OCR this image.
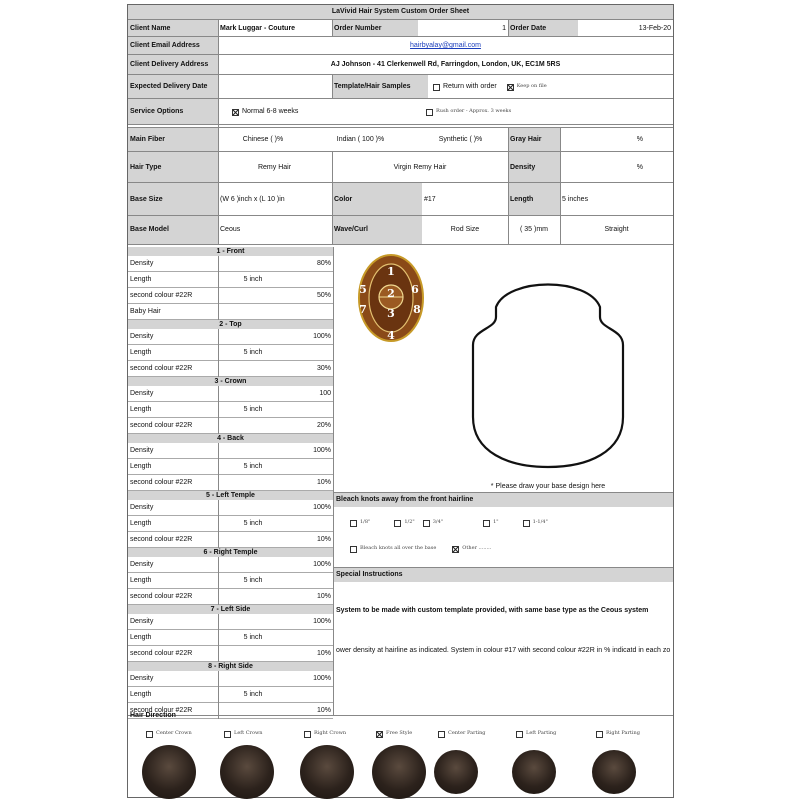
LaVivid Hair System Custom Order Sheet
Client Name	Mark Luggar - Couture	Order Number	1 Order Date	13-Feb-20
Client Email Address	hairbyalay@gmail.com
Client Delivery Address	AJ Johnson - 41 Clerkenwell Rd, Farringdon, London, UK, EC1M 5RS
Expected Delivery Date	Template/Hair Samples	Return with order	Keep on file
Service Options	Normal 6-8 weeks	Rush order - Approx. 3 weeks
Main Fiber	Chinese ( )%	Indian ( 100 )%	Synthetic ( )%	Gray Hair	%
Hair Type	Remy Hair	Virgin Remy Hair	Density	%
Base Size	(W 6 )inch x (L 10 )in	Color	#17	Length	5 inches
Base Model	Ceous	Wave/Curl	Rod Size	( 35 )mm	Straight
1 - Front
Density	80%
Length	5 inch
second colour #22R	50%
Baby Hair
2 - Top
Density	100%
Length	5 inch
second colour #22R	30%
3 - Crown
Density	100
Length	5 inch
second colour #22R	20%
4 - Back
Density	100%
Length	5 inch
second colour #22R	10%
5 - Left Temple
Density	100%
Length	5 inch
second colour #22R	10%
6 - Right Temple
Density	100%
Length	5 inch
second colour #22R	10%
7 - Left Side
Density	100%
Length	5 inch
second colour #22R	10%
8 - Right Side
Density	100%
Length	5 inch
second colour #22R	10%
1
2
3
4
5	6
7	8
* Please draw your base design here
Bleach knots away from the front hairline
1/8"	1/2"	3/4"	1"	1-1/4"
Bleach knots all over the base	Other ........
Special Instructions
System to be made with custom template provided, with same base type as the Ceous system
ower density at hairline as indicated. System in colour #17 with second colour #22R in % indicatd in each zo
Hair Direction
Center Crown	Left Crown	Right Crown	Free Style	Center Parting	Left Parting	Right Parting
